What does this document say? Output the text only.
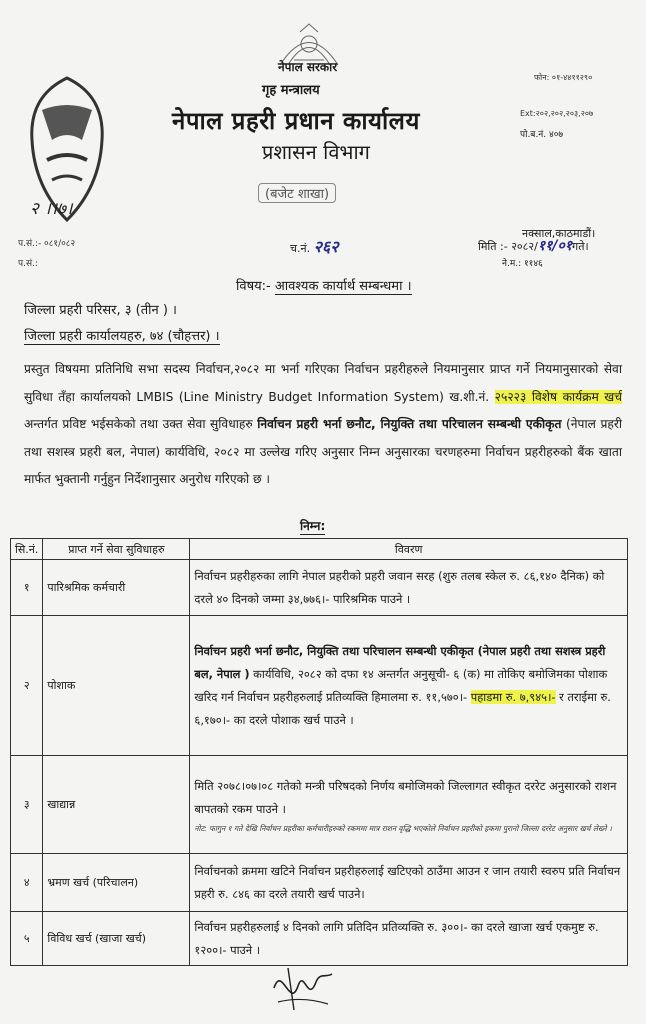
नेपाल सरकार
गृह मन्त्रालय
नेपाल प्रहरी प्रधान कार्यालय
प्रशासन विभाग
(बजेट शाखा)
फोन: ०१-४४११२९०
Ext:२०२,२०२,२०३,२०७
पो.ब.नं. ४०७
नक्साल,काठमाडौं।
मिति :- २०८२/११/०१गते।
ने.म.: ११४६
२ ।।७।
प.सं.:- ०८१/०८२
प.सं.:
च.नं. २६२
विषय:- आवश्यक कार्यार्थ सम्बन्धमा ।
जिल्ला प्रहरी परिसर, ३ (तीन ) ।
जिल्ला प्रहरी कार्यालयहरु, ७४ (चौहत्तर) ।
प्रस्तुत विषयमा प्रतिनिधि सभा सदस्य निर्वाचन,२०८२ मा भर्ना गरिएका निर्वाचन प्रहरीहरुले नियमानुसार प्राप्त गर्ने नियमानुसारको सेवा सुविधा तँहा कार्यालयको LMBIS (Line Ministry Budget Information System) ख.शी.नं. २५२२३ विशेष कार्यक्रम खर्च अन्तर्गत प्रविष्ट भईसकेको तथा उक्त सेवा सुविधाहरु निर्वाचन प्रहरी भर्ना छनौट, नियुक्ति तथा परिचालन सम्बन्धी एकीकृत (नेपाल प्रहरी तथा सशस्त्र प्रहरी बल, नेपाल) कार्यविधि, २०८२ मा उल्लेख गरिए अनुसार निम्न अनुसारका चरणहरुमा निर्वाचन प्रहरीहरुको बैंक खाता मार्फत भुक्तानी गर्नुहुन निर्देशानुसार अनुरोध गरिएको छ ।
निम्न:
सि.नं.	प्राप्त गर्ने सेवा सुविधाहरु	विवरण
१	पारिश्रमिक कर्मचारी	निर्वाचन प्रहरीहरुका लागि नेपाल प्रहरीको प्रहरी जवान सरह (शुरु तलब स्केल रु. ८६,१४० दैनिक) को दरले ४० दिनको जम्मा ३४,७७६।- पारिश्रमिक पाउने ।
२	पोशाक	निर्वाचन प्रहरी भर्ना छनौट, नियुक्ति तथा परिचालन सम्बन्धी एकीकृत (नेपाल प्रहरी तथा सशस्त्र प्रहरी बल, नेपाल ) कार्यविधि, २०८२ को दफा १४ अन्तर्गत अनुसूची- ६ (क) मा तोकिए बमोजिमका पोशाक खरिद गर्न निर्वाचन प्रहरीहरुलाई प्रतिव्यक्ति हिमालमा रु. ११,५७०।- पहाडमा रु. ७,९४५।- र तराईमा रु. ६,१७०।- का दरले पोशाक खर्च पाउने ।
३	खाद्यान्न	मिति २०७८।०७।०८ गतेको मन्त्री परिषदको निर्णय बमोजिमको जिल्लागत स्वीकृत दररेट अनुसारको राशन बापतको रकम पाउने ।
नोट: फागुन १ गते देखि निर्वाचन प्रहरीका कर्मचारीहरुको रकममा मात्र राशन वृद्धि भएकोले निर्वाचन प्रहरीको हकमा पुरानो जिल्ला दररेट अनुसार खर्च लेख्ने ।

४	भ्रमण खर्च (परिचालन)	निर्वाचनको क्रममा खटिने निर्वाचन प्रहरीहरुलाई खटिएको ठाउँमा आउन र जान तयारी स्वरुप प्रति निर्वाचन प्रहरी रु. ८४६ का दरले तयारी खर्च पाउने।
५	विविध खर्च (खाजा खर्च)	निर्वाचन प्रहरीहरुलाई ४ दिनको लागि प्रतिदिन प्रतिव्यक्ति रु. ३००।- का दरले खाजा खर्च एकमुष्ट रु. १२००।- पाउने ।
